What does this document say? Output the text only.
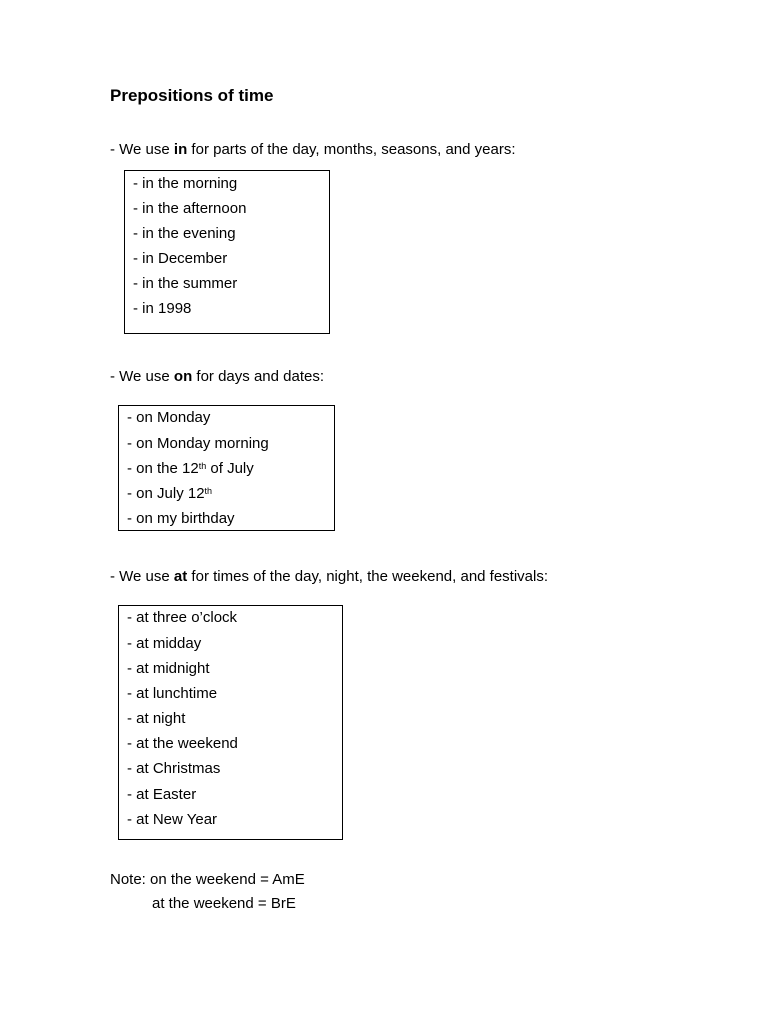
Prepositions of time
- We use in for parts of the day, months, seasons, and years:
- in the morning
- in the afternoon
- in the evening
- in December
- in the summer
- in 1998
- We use on for days and dates:
- on Monday
- on Monday morning
- on the 12th of July
- on July 12th
- on my birthday
- We use at for times of the day, night, the weekend, and festivals:
- at three o’clock
- at midday
- at midnight
- at lunchtime
- at night
- at the weekend
- at Christmas
- at Easter
- at New Year
Note: on the weekend = AmE
at the weekend = BrE
